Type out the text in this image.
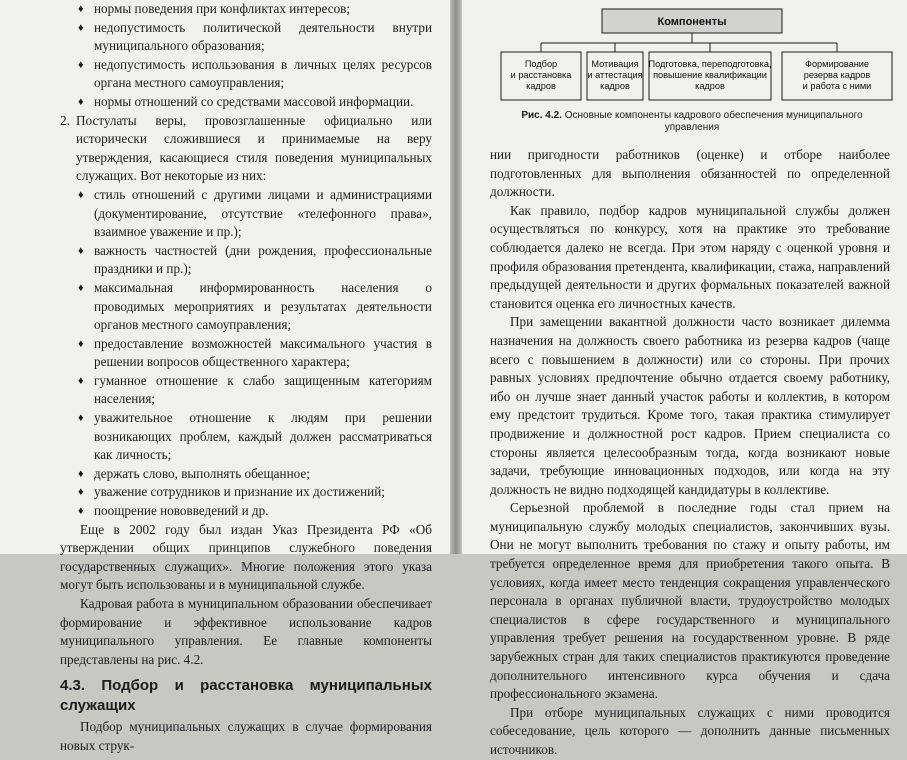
♦ нормы поведения при конфликтах интересов;

♦ недопустимость политической деятельности внутри муниципального образования;

♦ недопустимость использования в личных целях ресурсов органа местного самоуправления;

♦ нормы отношений со средствами массовой информации.

2. Постулаты веры, провозглашенные официально или исторически сложившиеся и принимаемые на веру утверждения, касающиеся стиля поведения муниципальных служащих. Вот некоторые из них:

♦ стиль отношений с другими лицами и администрациями (документирование, отсутствие «телефонного права», взаимное уважение и пр.);

♦ важность частностей (дни рождения, профессиональные праздники и пр.);

♦ максимальная информированность населения о проводимых мероприятиях и результатах деятельности органов местного самоуправления;

♦ предоставление возможностей максимального участия в решении вопросов общественного характера;

♦ гуманное отношение к слабо защищенным категориям населения;

♦ уважительное отношение к людям при решении возникающих проблем, каждый должен рассматриваться как личность;

♦ держать слово, выполнять обещанное;

♦ уважение сотрудников и признание их достижений;

♦ поощрение нововведений и др.

Еще в 2002 году был издан Указ Президента РФ «Об утверждении общих принципов служебного поведения государственных служащих». Многие положения этого указа могут быть использованы и в муниципальной службе.

Кадровая работа в муниципальном образовании обеспечивает формирование и эффективное использование кадров муниципального управления. Ее главные компоненты представлены на рис. 4.2.

4.3. Подбор и расстановка муниципальных служащих

Подбор муниципальных служащих в случае формирования новых струк-

Компоненты
Подбор
и расстановка
кадров
Мотивация
и аттестация
кадров
Подготовка, переподготовка,
повышение квалификации
кадров
Формирование
резерва кадров
и работа с ними
Рис. 4.2. Основные компоненты кадрового обеспечения муниципального управления

нии пригодности работников (оценке) и отборе наиболее подготовленных для выполнения обязанностей по определенной должности.

Как правило, подбор кадров муниципальной службы должен осуществляться по конкурсу, хотя на практике это требование соблюдается далеко не всегда. При этом наряду с оценкой уровня и профиля образования претендента, квалификации, стажа, направлений предыдущей деятельности и других формальных показателей важной становится оценка его личностных качеств.

При замещении вакантной должности часто возникает дилемма назначения на должность своего работника из резерва кадров (чаще всего с повышением в должности) или со стороны. При прочих равных условиях предпочтение обычно отдается своему работнику, ибо он лучше знает данный участок работы и коллектив, в котором ему предстоит трудиться. Кроме того, такая практика стимулирует продвижение и должностной рост кадров. Прием специалиста со стороны является целесообразным тогда, когда возникают новые задачи, требующие инновационных подходов, или когда на эту должность не видно подходящей кандидатуры в коллективе.

Серьезной проблемой в последние годы стал прием на муниципальную службу молодых специалистов, закончивших вузы. Они не могут выполнить требования по стажу и опыту работы, им требуется определенное время для приобретения такого опыта. В условиях, когда имеет место тенденция сокращения управленческого персонала в органах публичной власти, трудоустройство молодых специалистов в сфере государственного и муниципального управления требует решения на государственном уровне. В ряде зарубежных стран для таких специалистов практикуются проведение дополнительного интенсивного курса обучения и сдача профессионального экзамена.

При отборе муниципальных служащих с ними проводится собеседование, цель которого — дополнить данные письменных источников.
